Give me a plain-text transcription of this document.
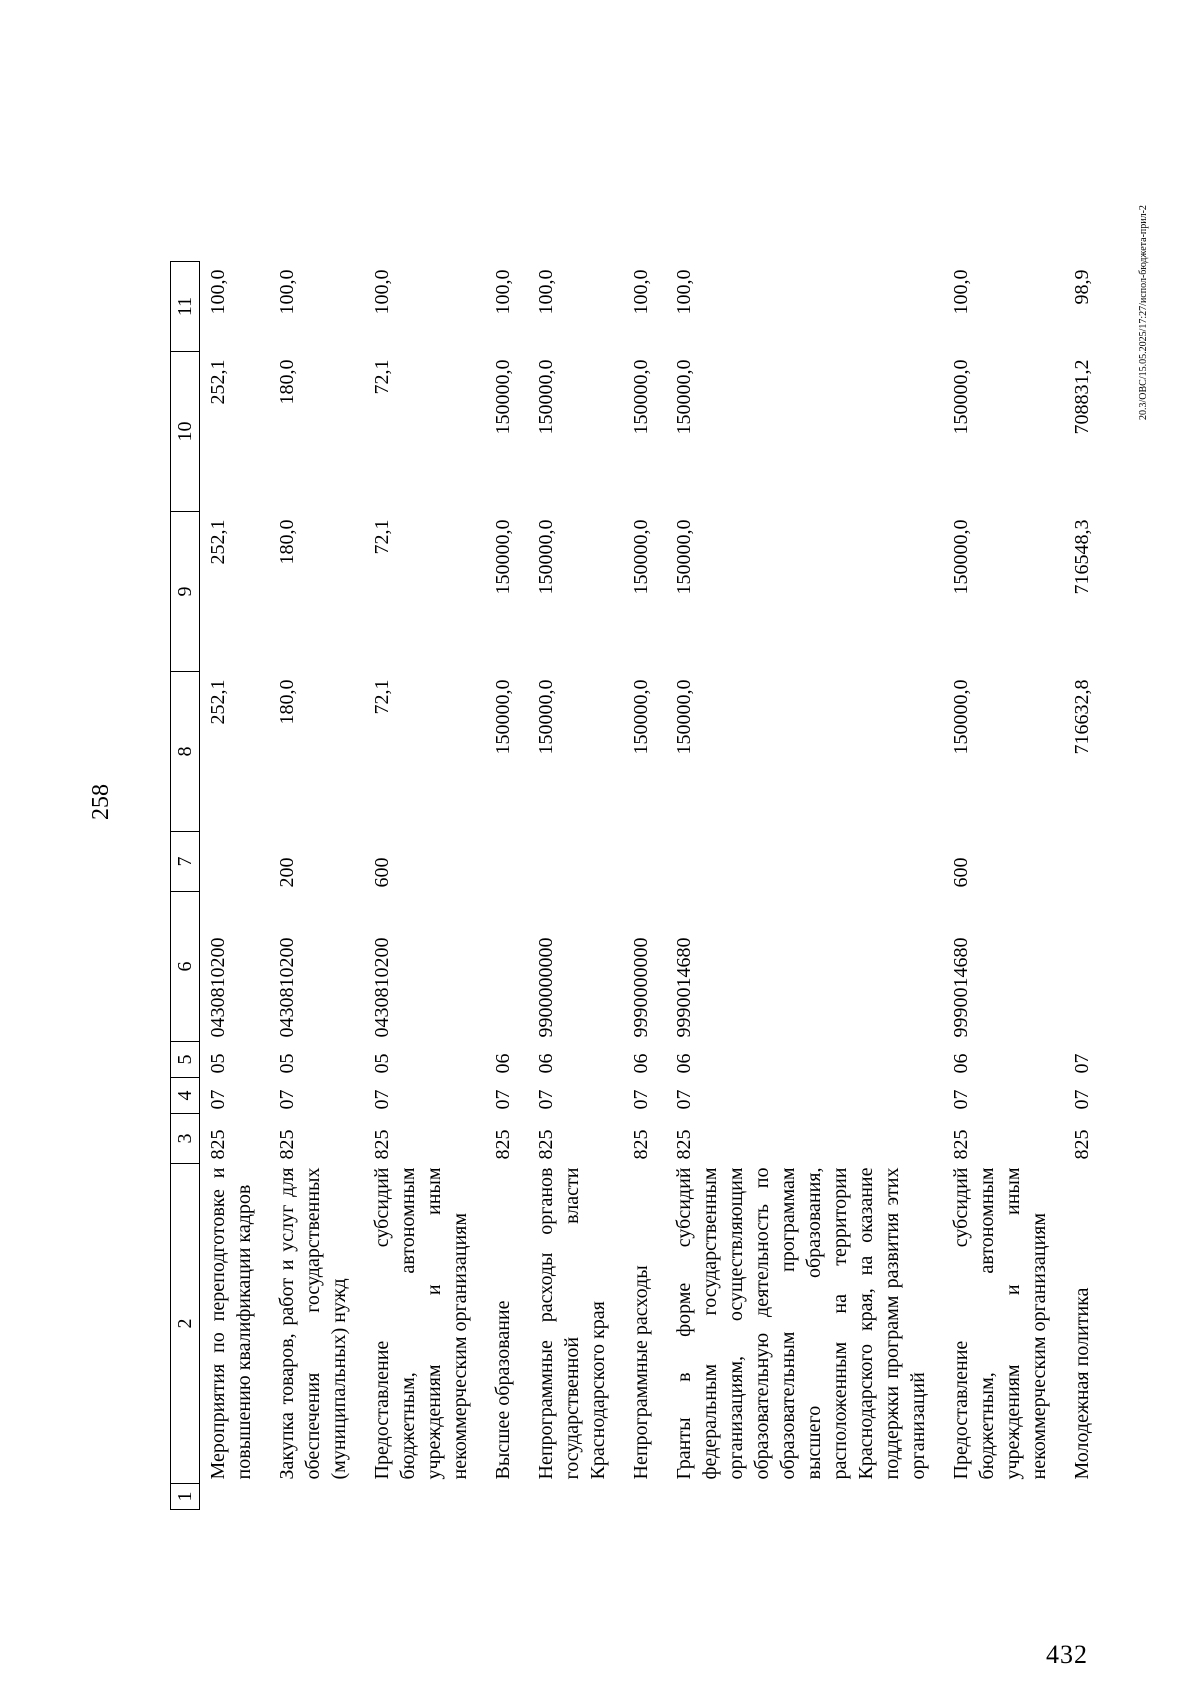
258
1	2	3	4	5	6	7	8	9	10	11
	Мероприятия по переподготовке и повышению квалификации кадров	825	07	05	0430810200		252,1	252,1	252,1	100,0
	Закупка товаров, работ и услуг для обеспечения государственных (муниципальных) нужд	825	07	05	0430810200	200	180,0	180,0	180,0	100,0
	Предоставление субсидий бюджетным, автономным учреждениям и иным некоммерческим организациям	825	07	05	0430810200	600	72,1	72,1	72,1	100,0
	Высшее образование	825	07	06			150000,0	150000,0	150000,0	100,0
	Непрограммные расходы органов государственной власти Краснодарского края	825	07	06	9900000000		150000,0	150000,0	150000,0	100,0
	Непрограммные расходы	825	07	06	9990000000		150000,0	150000,0	150000,0	100,0
	Гранты в форме субсидий федеральным государственным организациям, осуществляющим образовательную деятельность по образовательным программам высшего образования, расположенным на территории Краснодарского края, на оказание поддержки программ развития этих организаций	825	07	06	9990014680		150000,0	150000,0	150000,0	100,0
	Предоставление субсидий бюджетным, автономным учреждениям и иным некоммерческим организациям	825	07	06	9990014680	600	150000,0	150000,0	150000,0	100,0
	Молодежная политика	825	07	07			716632,8	716548,3	708831,2	98,9	20.3/ОВС/15.05.2025/17:27/испол-бюджета-прил-2
432
